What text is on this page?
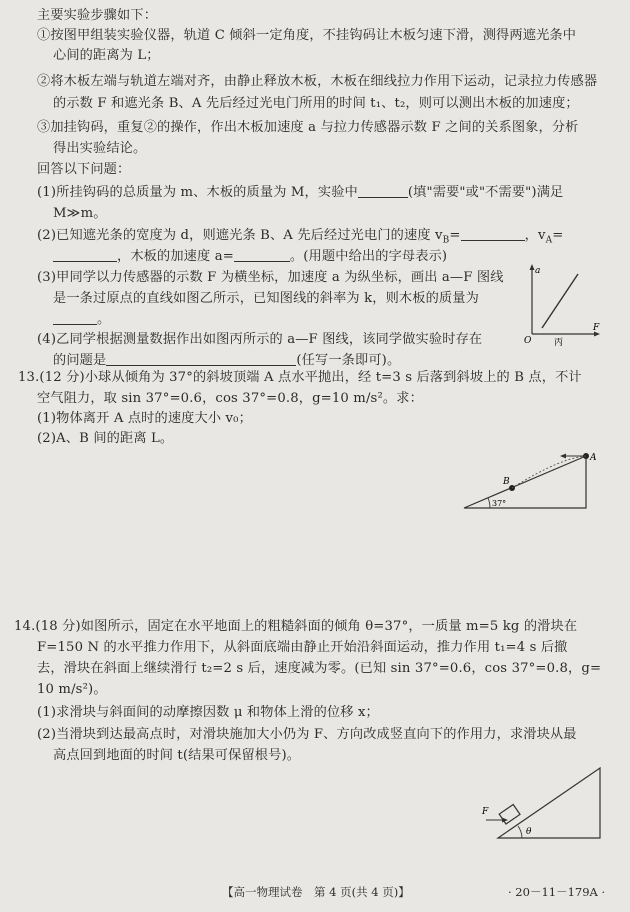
主要实验步骤如下：
①按图甲组装实验仪器，轨道 C 倾斜一定角度，不挂钩码让木板匀速下滑，测得两遮光条中
心间的距离为 L；
②将木板左端与轨道左端对齐，由静止释放木板，木板在细线拉力作用下运动，记录拉力传感器
的示数 F 和遮光条 B、A 先后经过光电门所用的时间 t₁、t₂，则可以测出木板的加速度；
③加挂钩码，重复②的操作，作出木板加速度 a 与拉力传感器示数 F 之间的关系图象，分析
得出实验结论。
回答以下问题：
(1)所挂钩码的总质量为 m、木板的质量为 M，实验中	(填"需要"或"不需要")满足
M≫m。
(2)已知遮光条的宽度为 d，则遮光条 B、A 先后经过光电门的速度 $v_B=$	，$v_A=$
，木板的加速度 a=	。(用题中给出的字母表示)
(3)甲同学以力传感器的示数 F 为横坐标，加速度 a 为纵坐标，画出 a—F 图线
是一条过原点的直线如图乙所示，已知图线的斜率为 k，则木板的质量为
。
(4)乙同学根据测量数据作出如图丙所示的 a—F 图线，该同学做实验时存在
的问题是	(任写一条即可)。
a
F
O	丙
13.(12 分)小球从倾角为 37°的斜坡顶端 A 点水平抛出，经 t=3 s 后落到斜坡上的 B 点，不计
空气阻力，取 sin 37°=0.6，cos 37°=0.8，g=10 m/s²。求：
(1)物体离开 A 点时的速度大小 v₀；
(2)A、B 间的距离 L。
A
B
37°
14.(18 分)如图所示，固定在水平地面上的粗糙斜面的倾角 θ=37°，一质量 m=5 kg 的滑块在
F=150 N 的水平推力作用下，从斜面底端由静止开始沿斜面运动，推力作用 t₁=4 s 后撤
去，滑块在斜面上继续滑行 t₂=2 s 后，速度减为零。(已知 sin 37°=0.6，cos 37°=0.8，g=
10 m/s²)。
(1)求滑块与斜面间的动摩擦因数 μ 和物体上滑的位移 x；
(2)当滑块到达最高点时，对滑块施加大小仍为 F、方向改成竖直向下的作用力，求滑块从最
高点回到地面的时间 t(结果可保留根号)。
F
θ
【高一物理试卷　第 4 页(共 4 页)】	· 20－11－179A ·
